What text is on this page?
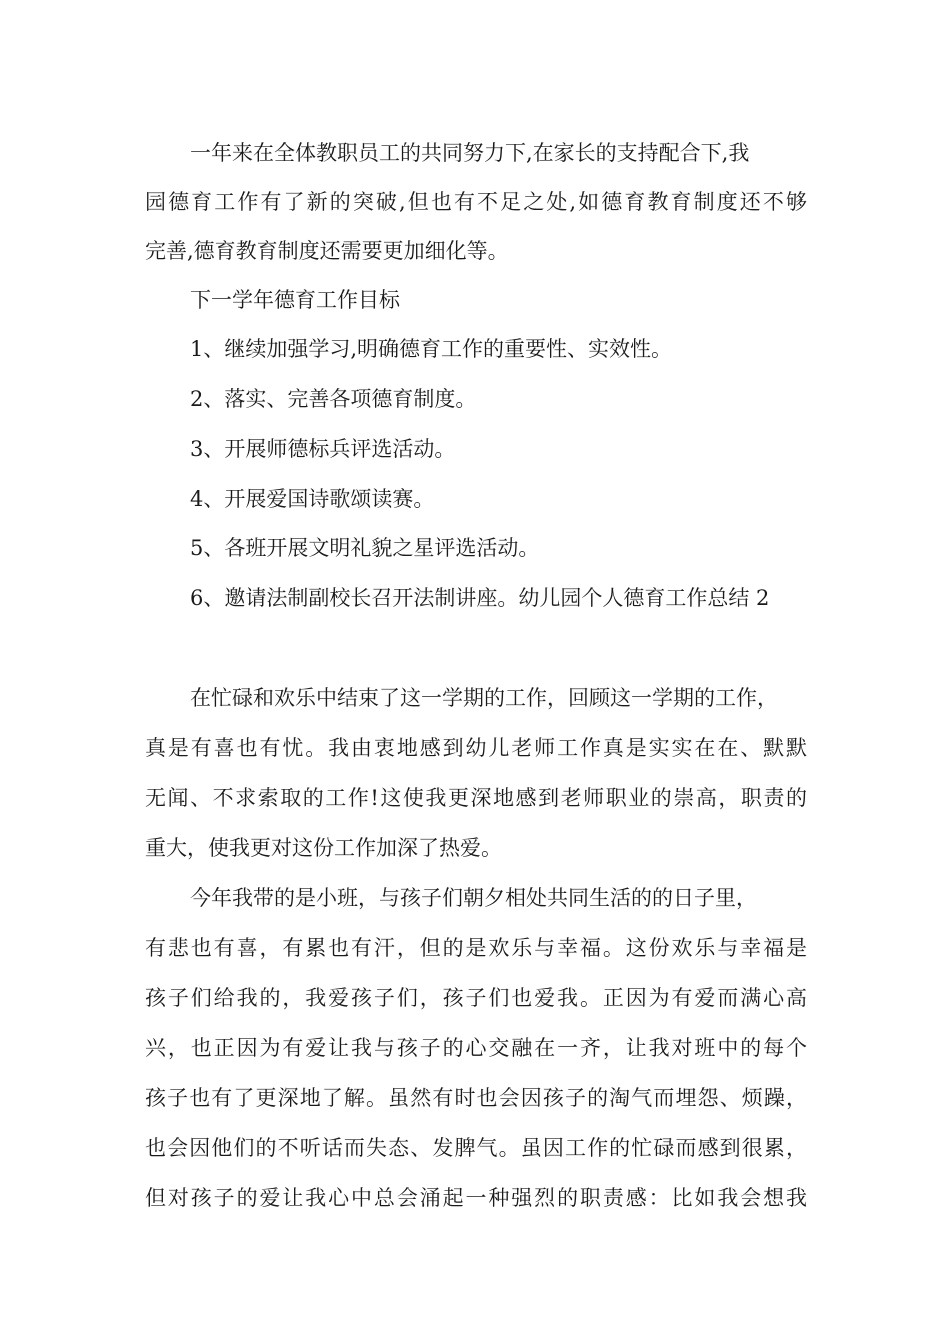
一年来在全体教职员工的共同努力下,在家长的支持配合下,我
园德育工作有了新的突破,但也有不足之处,如德育教育制度还不够
完善,德育教育制度还需要更加细化等。
下一学年德育工作目标
1、继续加强学习,明确德育工作的重要性、实效性。
2、落实、完善各项德育制度。
3、开展师德标兵评选活动。
4、开展爱国诗歌颂读赛。
5、各班开展文明礼貌之星评选活动。
6、邀请法制副校长召开法制讲座。幼儿园个人德育工作总结 2
在忙碌和欢乐中结束了这一学期的工作，回顾这一学期的工作，
真是有喜也有忧。我由衷地感到幼儿老师工作真是实实在在、默默
无闻、不求索取的工作!这使我更深地感到老师职业的崇高，职责的
重大，使我更对这份工作加深了热爱。
今年我带的是小班，与孩子们朝夕相处共同生活的的日子里，
有悲也有喜，有累也有汗，但的是欢乐与幸福。这份欢乐与幸福是
孩子们给我的，我爱孩子们，孩子们也爱我。正因为有爱而满心高
兴，也正因为有爱让我与孩子的心交融在一齐，让我对班中的每个
孩子也有了更深地了解。虽然有时也会因孩子的淘气而埋怨、烦躁，
也会因他们的不听话而失态、发脾气。虽因工作的忙碌而感到很累，
但对孩子的爱让我心中总会涌起一种强烈的职责感：比如我会想我
